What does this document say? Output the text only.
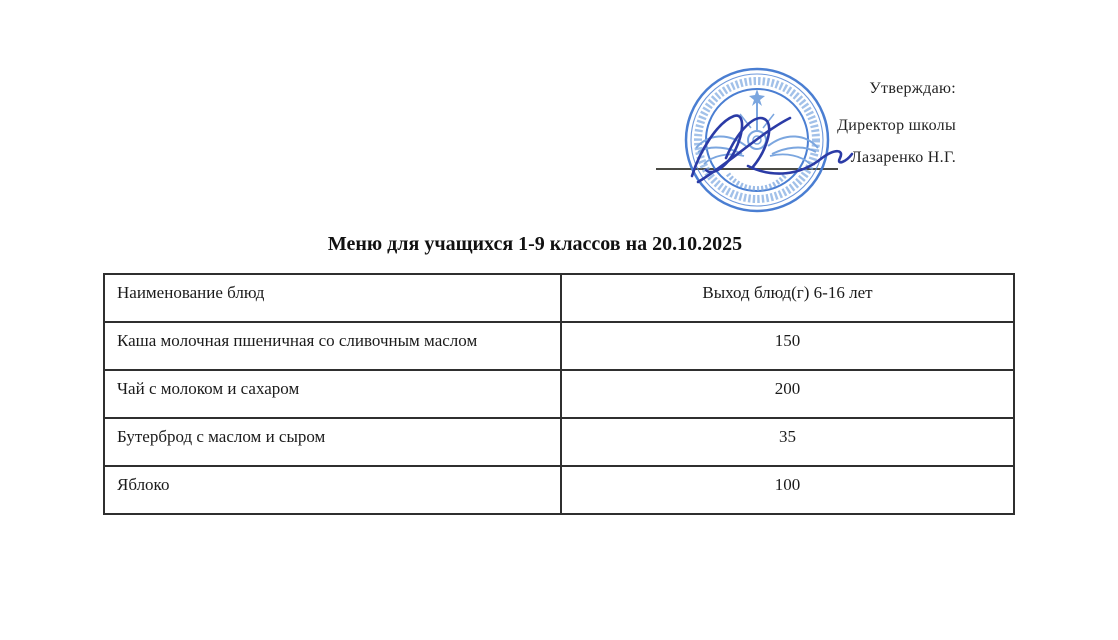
Утверждаю:
Директор школы
Лазаренко Н.Г.
Меню для учащихся 1-9 классов на 20.10.2025
Наименование блюд	Выход блюд(г) 6-16 лет
Каша молочная пшеничная со сливочным маслом	150
Чай с молоком и сахаром	200
Бутерброд с маслом и сыром	35
Яблоко	100
